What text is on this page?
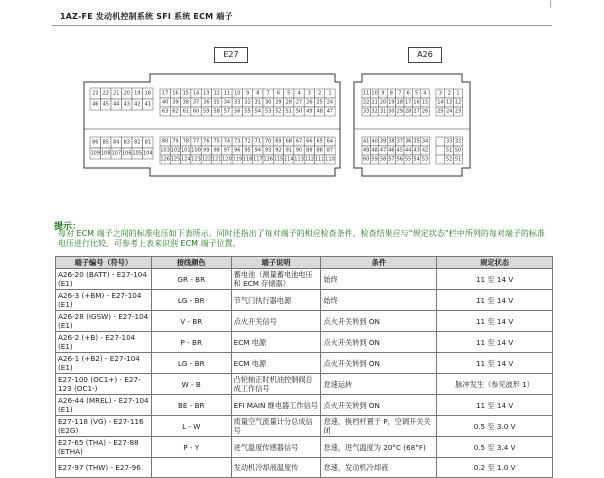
|
1AZ-FE 发动机控制系统 SFI 系统 ECM 端子
E27	A26
23 22 21 20 19 18
46 45 44 43 42 41
17 16 15 14 13 12 11 10 9 8 7 6 5 4 3 2 1
40 39 38 37 36 35 34 33 32 31 30 29 28 27 26 25 24
63 62 61 60 59 58 57 56 55 54 53 52 51 50 49 48 47
86 85 84 83 82 81
109 108 107 106 105 104
80 79 78 77 76 75 74 73 72 71 70 69 68 67 66 65 64
103 102 101 100 99 98 97 96 95 94 93 92 91 90 89 88 87
126 125 124 123 122 121 120 119 118 117 116 115 114 113 112 111 110
11 10 9 8 7 6 5 4
22 21 20 19 18 17 16 15
33 32 31 30 29 28 27 26
3 2 1
14 13 12
25 24 23
41 40 39 38 37 36 35 34
49 48 47 46 45 44 43 42
60 59 58 57 56 55 54 53
33 32
51 50
52 51
提示：
每对 ECM 端子之间的标准电压如下表所示。同时还指出了每对端子的相应检查条件。检查结果应与“规定状态”栏中所列的每对端子的标准电压进行比较。可参考上表来识别 ECM 端子位置。
端子编号（符号）	接线颜色	端子说明	条件	规定状态
A26-20 (BATT) - E27-104 (E1)	GR - BR	蓄电池（测量蓄电池电压和 ECM 存储器）	始终	11 至 14 V
A26-3 (+BM) - E27-104 (E1)	LG - BR	节气门执行器电源	始终	11 至 14 V
A26-28 (IGSW) - E27-104 (E1)	V - BR	点火开关信号	点火开关转到 ON	11 至 14 V
A26-2 (+B) - E27-104 (E1)	P - BR	ECM 电源	点火开关转到 ON	11 至 14 V
A26-1 (+B2) - E27-104 (E1)	LG - BR	ECM 电源	点火开关转到 ON	11 至 14 V
E27-100 (OC1+) - E27-123 (OC1-)	W - B	凸轮轴正时机油控制阀总成工作信号	怠速运转	脉冲发生（参见波形 1）
A26-44 (MREL) - E27-104 (E1)	BE - BR	EFI MAIN 继电器工作信号	点火开关转到 ON	11 至 14 V
E27-118 (VG) - E27-116 (E2G)	L - W	质量空气流量计分总成信号	怠速，换档杆置于 P，空调开关关闭	0.5 至 3.0 V
E27-65 (THA) - E27-88 (ETHA)	P - Y	进气温度传感器信号	怠速，进气温度为 20°C (68°F)	0.5 至 3.4 V
E27-97 (THW) - E27-96		发动机冷却液温度传	怠速，发动机冷却液	0.2 至 1.0 V
